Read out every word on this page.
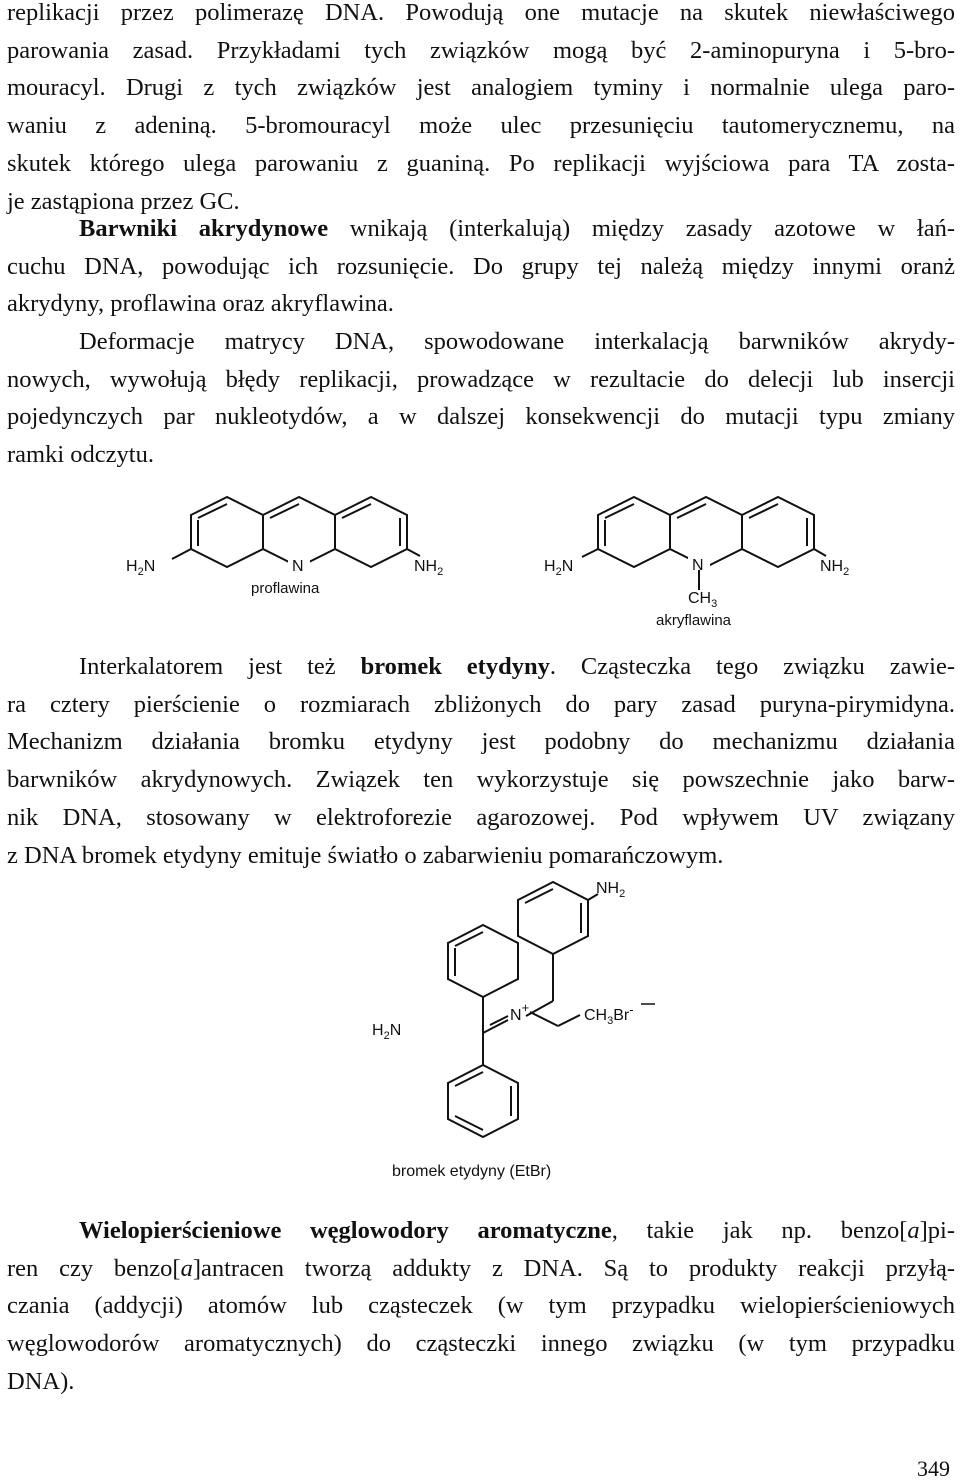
replikacji przez polimerazę DNA. Powodują one mutacje na skutek niewłaściwego
parowania zasad. Przykładami tych związków mogą być 2-aminopuryna i 5-bro-
mouracyl. Drugi z tych związków jest analogiem tyminy i normalnie ulega paro-
waniu z adeniną. 5-bromouracyl może ulec przesunięciu tautomerycznemu, na
skutek którego ulega parowaniu z guaniną. Po replikacji wyjściowa para TA zosta-
je zastąpiona przez GC.

Barwniki akrydynowe wnikają (interkalują) między zasady azotowe w łań-
cuchu DNA, powodując ich rozsunięcie. Do grupy tej należą między innymi oranż
akrydyny, proflawina oraz akryflawina.

Deformacje matrycy DNA, spowodowane interkalacją barwników akrydy-
nowych, wywołują błędy replikacji, prowadzące w rezultacie do delecji lub insercji
pojedynczych par nukleotydów, a w dalszej konsekwencji do mutacji typu zmiany
ramki odczytu.

$H_2N$	N	$NH_2$
proflawina
$H_2N$	N	$NH_2$
$CH_3$
akryflawina

Interkalatorem jest też bromek etydyny. Cząsteczka tego związku zawie-
ra cztery pierścienie o rozmiarach zbliżonych do pary zasad puryna-pirymidyna.
Mechanizm działania bromku etydyny jest podobny do mechanizmu działania
barwników akrydynowych. Związek ten wykorzystuje się powszechnie jako barw-
nik DNA, stosowany w elektroforezie agarozowej. Pod wpływem UV związany
z DNA bromek etydyny emituje światło o zabarwieniu pomarańczowym.

$NH_2$
$H_2N$
N+	$CH_3Br^-$
bromek etydyny (EtBr)

Wielopierścieniowe węglowodory aromatyczne, takie jak np. benzo[a]pi-
ren czy benzo[a]antracen tworzą addukty z DNA. Są to produkty reakcji przyłą-
czania (addycji) atomów lub cząsteczek (w tym przypadku wielopierścieniowych
węglowodorów aromatycznych) do cząsteczki innego związku (w tym przypadku
DNA).

349
